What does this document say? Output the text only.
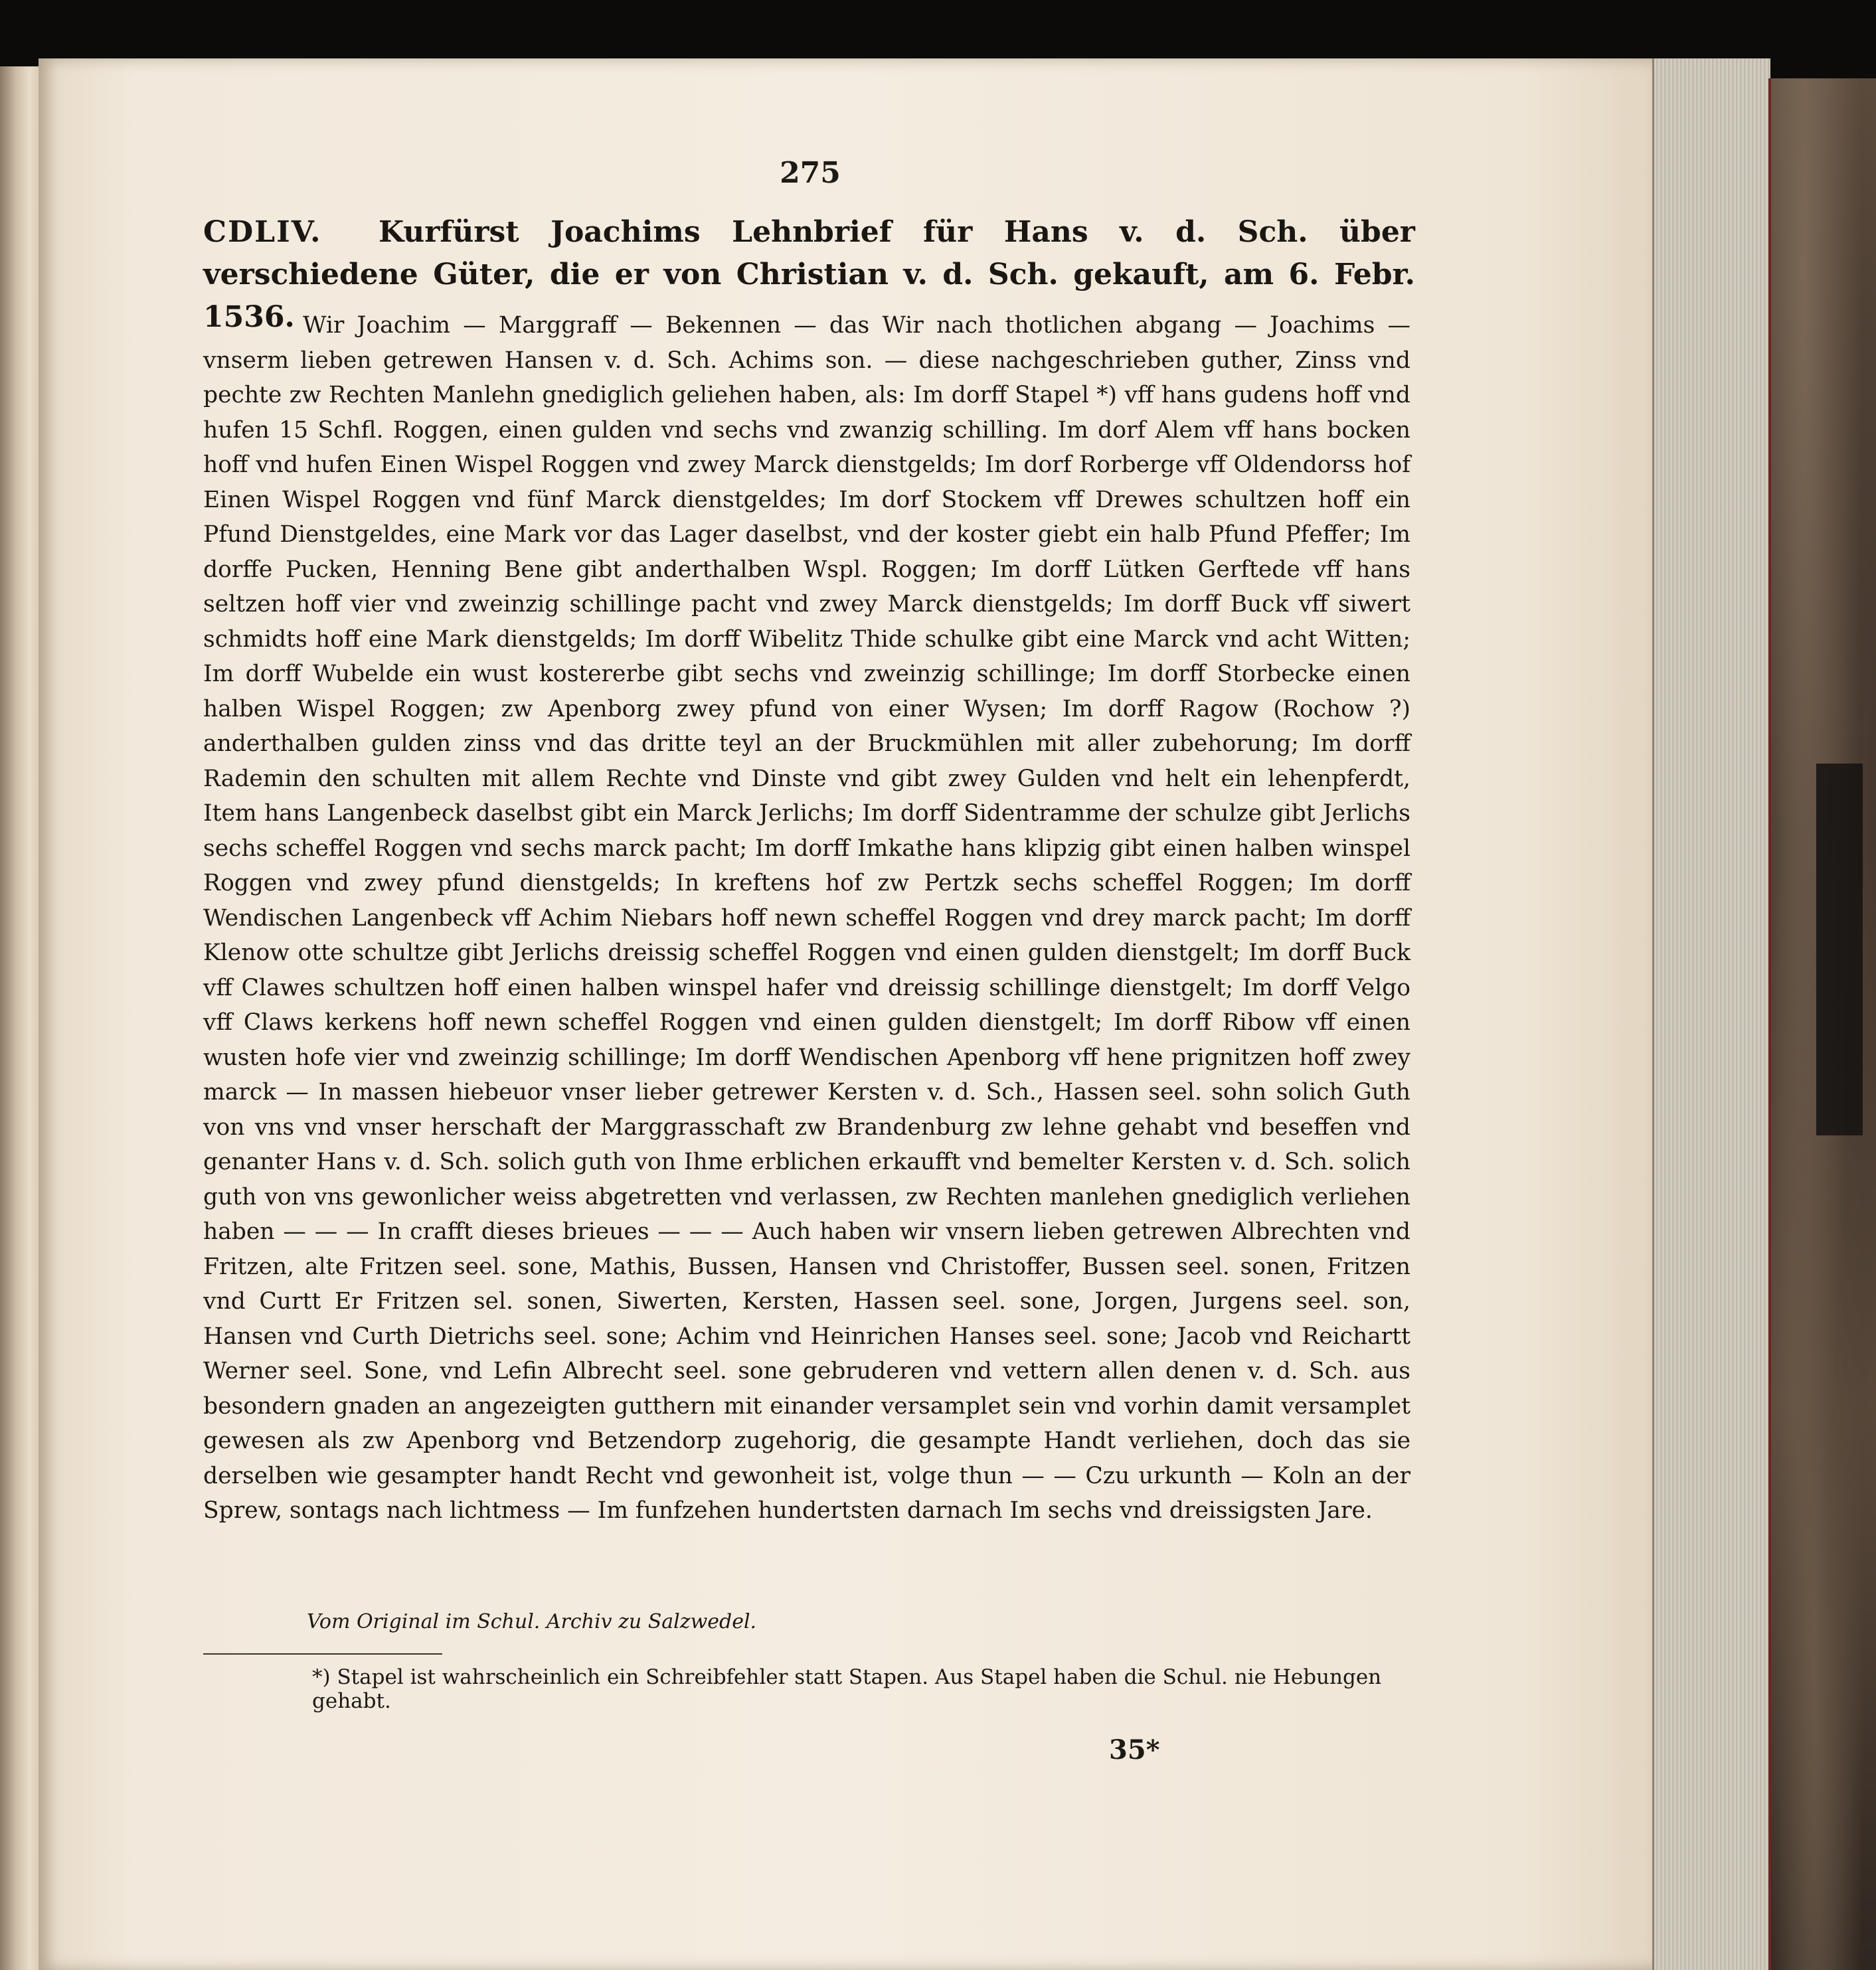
275
CDLIV. Kurfürst Joachims Lehnbrief für Hans v. d. Sch. über verschiedene Güter, die er von Christian v. d. Sch. gekauft, am 6. Febr. 1536. Wir Joachim — Marggraff — Bekennen — das Wir nach thotlichen abgang — Joachims — vnserm lieben getrewen Hansen v. d. Sch. Achims son. — diese nachgeschrieben guther, Zinss vnd pechte zw Rechten Manlehn gnediglich geliehen haben, als: Im dorff Stapel *) vff hans gudens hoff vnd hufen 15 Schfl. Roggen, einen gulden vnd sechs vnd zwanzig schilling. Im dorf Alem vff hans bocken hoff vnd hufen Einen Wispel Roggen vnd zwey Marck dienstgelds; Im dorf Rorberge vff Oldendorss hof Einen Wispel Roggen vnd fünf Marck dienstgeldes; Im dorf Stockem vff Drewes schultzen hoff ein Pfund Dienstgeldes, eine Mark vor das Lager daselbst, vnd der koster giebt ein halb Pfund Pfeffer; Im dorffe Pucken, Henning Bene gibt anderthalben Wspl. Roggen; Im dorff Lütken Gerftede vff hans seltzen hoff vier vnd zweinzig schillinge pacht vnd zwey Marck dienstgelds; Im dorff Buck vff siwert schmidts hoff eine Mark dienstgelds; Im dorff Wibelitz Thide schulke gibt eine Marck vnd acht Witten; Im dorff Wubelde ein wust kostererbe gibt sechs vnd zweinzig schillinge; Im dorff Storbecke einen halben Wispel Roggen; zw Apenborg zwey pfund von einer Wysen; Im dorff Ragow (Rochow ?) anderthalben gulden zinss vnd das dritte teyl an der Bruckmühlen mit aller zubehorung; Im dorff Rademin den schulten mit allem Rechte vnd Dinste vnd gibt zwey Gulden vnd helt ein lehenpferdt, Item hans Langenbeck daselbst gibt ein Marck Jerlichs; Im dorff Sidentramme der schulze gibt Jerlichs sechs scheffel Roggen vnd sechs marck pacht; Im dorff Imkathe hans klipzig gibt einen halben winspel Roggen vnd zwey pfund dienstgelds; In kreftens hof zw Pertzk sechs scheffel Roggen; Im dorff Wendischen Langenbeck vff Achim Niebars hoff newn scheffel Roggen vnd drey marck pacht; Im dorff Klenow otte schultze gibt Jerlichs dreissig scheffel Roggen vnd einen gulden dienstgelt; Im dorff Buck vff Clawes schultzen hoff einen halben winspel hafer vnd dreissig schillinge dienstgelt; Im dorff Velgo vff Claws kerkens hoff newn scheffel Roggen vnd einen gulden dienstgelt; Im dorff Ribow vff einen wusten hofe vier vnd zweinzig schillinge; Im dorff Wendischen Apenborg vff hene prignitzen hoff zwey marck — In massen hiebeuor vnser lieber getrewer Kersten v. d. Sch., Hassen seel. sohn solich Guth von vns vnd vnser herschaft der Marggrasschaft zw Brandenburg zw lehne gehabt vnd beseffen vnd genanter Hans v. d. Sch. solich guth von Ihme erblichen erkaufft vnd bemelter Kersten v. d. Sch. solich guth von vns gewonlicher weiss abgetretten vnd verlassen, zw Rechten manlehen gnediglich verliehen haben — — — In crafft dieses brieues — — — Auch haben wir vnsern lieben getrewen Albrechten vnd Fritzen, alte Fritzen seel. sone, Mathis, Bussen, Hansen vnd Christoffer, Bussen seel. sonen, Fritzen vnd Curtt Er Fritzen sel. sonen, Siwerten, Kersten, Hassen seel. sone, Jorgen, Jurgens seel. son, Hansen vnd Curth Dietrichs seel. sone; Achim vnd Heinrichen Hanses seel. sone; Jacob vnd Reichartt Werner seel. Sone, vnd Lefin Albrecht seel. sone gebruderen vnd vettern allen denen v. d. Sch. aus besondern gnaden an angezeigten gutthern mit einander versamplet sein vnd vorhin damit versamplet gewesen als zw Apenborg vnd Betzendorp zugehorig, die gesampte Handt verliehen, doch das sie derselben wie gesampter handt Recht vnd gewonheit ist, volge thun — — Czu urkunth — Koln an der Sprew, sontags nach lichtmess — Im funfzehen hundertsten darnach Im sechs vnd dreissigsten Jare.
Vom Original im Schul. Archiv zu Salzwedel.
*) Stapel ist wahrscheinlich ein Schreibfehler statt Stapen. Aus Stapel haben die Schul. nie Hebungen gehabt.
35*
